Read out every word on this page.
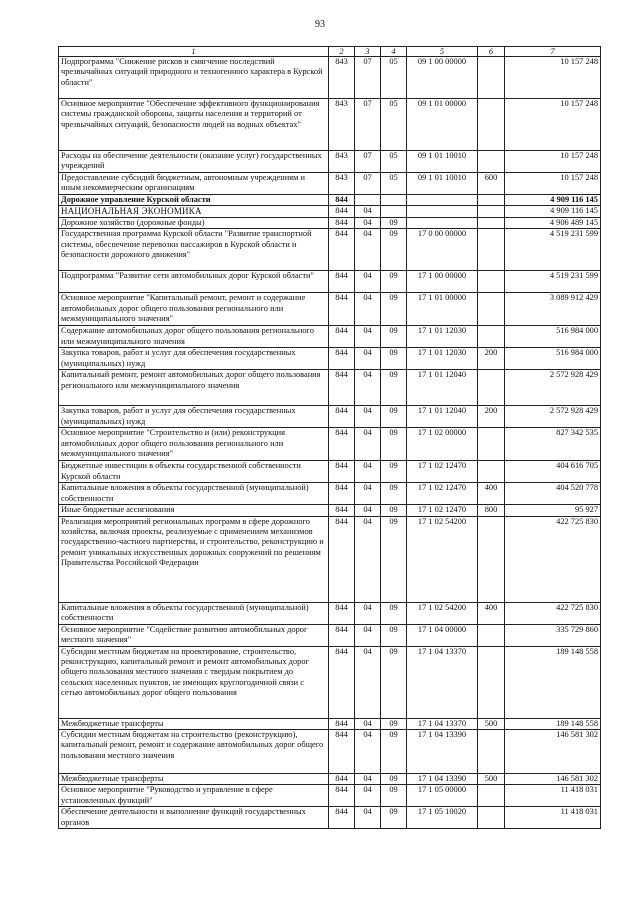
93
1	2	3	4	5	6	7
Подпрограмма "Снижение рисков и смягчение последствий чрезвычайных ситуаций природного и техногенного характера в Курской области"	843	07	05	09 1 00 00000		10 157 248
Основное мероприятие "Обеспечение эффективного функционирования системы гражданской обороны, защиты населения и территорий от чрезвычайных ситуаций, безопасности людей на водных объектах"	843	07	05	09 1 01 00000		10 157 248
Расходы на обеспечение деятельности (оказание услуг) государственных учреждений	843	07	05	09 1 01 10010		10 157 248
Предоставление субсидий бюджетным, автономным учреждениям и иным некоммерческим организациям	843	07	05	09 1 01 10010	600	10 157 248
Дорожное управление Курской области	844					4 909 116 145
НАЦИОНАЛЬНАЯ ЭКОНОМИКА	844	04				4 909 116 145
Дорожное хозяйство (дорожные фонды)	844	04	09			4 906 489 145
Государственная программа Курской области "Развитие транспортной системы, обеспечение перевозки пассажиров в Курской области и безопасности дорожного движения"	844	04	09	17 0 00 00000		4 519 231 599
Подпрограмма "Развитие сети автомобильных дорог Курской области"	844	04	09	17 1 00 00000		4 519 231 599
Основное мероприятие "Капитальный ремонт, ремонт и содержание автомобильных дорог общего пользования регионального или межмуниципального значения"	844	04	09	17 1 01 00000		3 089 912 429
Содержание автомобильных дорог общего пользования регионального или межмуниципального значения	844	04	09	17 1 01 12030		516 984 000
Закупка товаров, работ и услуг для обеспечения государственных (муниципальных) нужд	844	04	09	17 1 01 12030	200	516 984 000
Капитальный ремонт, ремонт автомобильных дорог общего пользования регионального или межмуниципального значения	844	04	09	17 1 01 12040		2 572 928 429
Закупка товаров, работ и услуг для обеспечения государственных (муниципальных) нужд	844	04	09	17 1 01 12040	200	2 572 928 429
Основное мероприятие "Строительство и (или) реконструкция автомобильных дорог общего пользования регионального или межмуниципального значения"	844	04	09	17 1 02 00000		827 342 535
Бюджетные инвестиции в объекты государственной собственности Курской области	844	04	09	17 1 02 12470		404 616 705
Капитальные вложения в объекты государственной (муниципальной) собственности	844	04	09	17 1 02 12470	400	404 520 778
Иные бюджетные ассигнования	844	04	09	17 1 02 12470	800	95 927
Реализация мероприятий региональных программ в сфере дорожного хозяйства, включая проекты, реализуемые с применением механизмов государственно-частного партнерства, и строительство, реконструкцию и ремонт уникальных искусственных дорожных сооружений по решениям Правительства Российской Федерации	844	04	09	17 1 02 54200		422 725 830
Капитальные вложения в объекты государственной (муниципальной) собственности	844	04	09	17 1 02 54200	400	422 725 830
Основное мероприятие "Содействие развитию автомобильных дорог местного значения"	844	04	09	17 1 04 00000		335 729 860
Субсидии местным бюджетам на проектирование, строительство, реконструкцию, капитальный ремонт и ремонт автомобильных дорог общего пользования местного значения с твердым покрытием до сельских населенных пунктов, не имеющих круглогодичной связи с сетью автомобильных дорог общего пользования	844	04	09	17 1 04 13370		189 148 558
Межбюджетные трансферты	844	04	09	17 1 04 13370	500	189 148 558
Субсидии местным бюджетам на строительство (реконструкцию), капитальный ремонт, ремонт и содержание автомобильных дорог общего пользования местного значения	844	04	09	17 1 04 13390		146 581 302
Межбюджетные трансферты	844	04	09	17 1 04 13390	500	146 581 302
Основное мероприятие "Руководство и управление в сфере установленных функций"	844	04	09	17 1 05 00000		11 418 031
Обеспечение деятельности и выполнение функций государственных органов	844	04	09	17 1 05 10020		11 418 031
